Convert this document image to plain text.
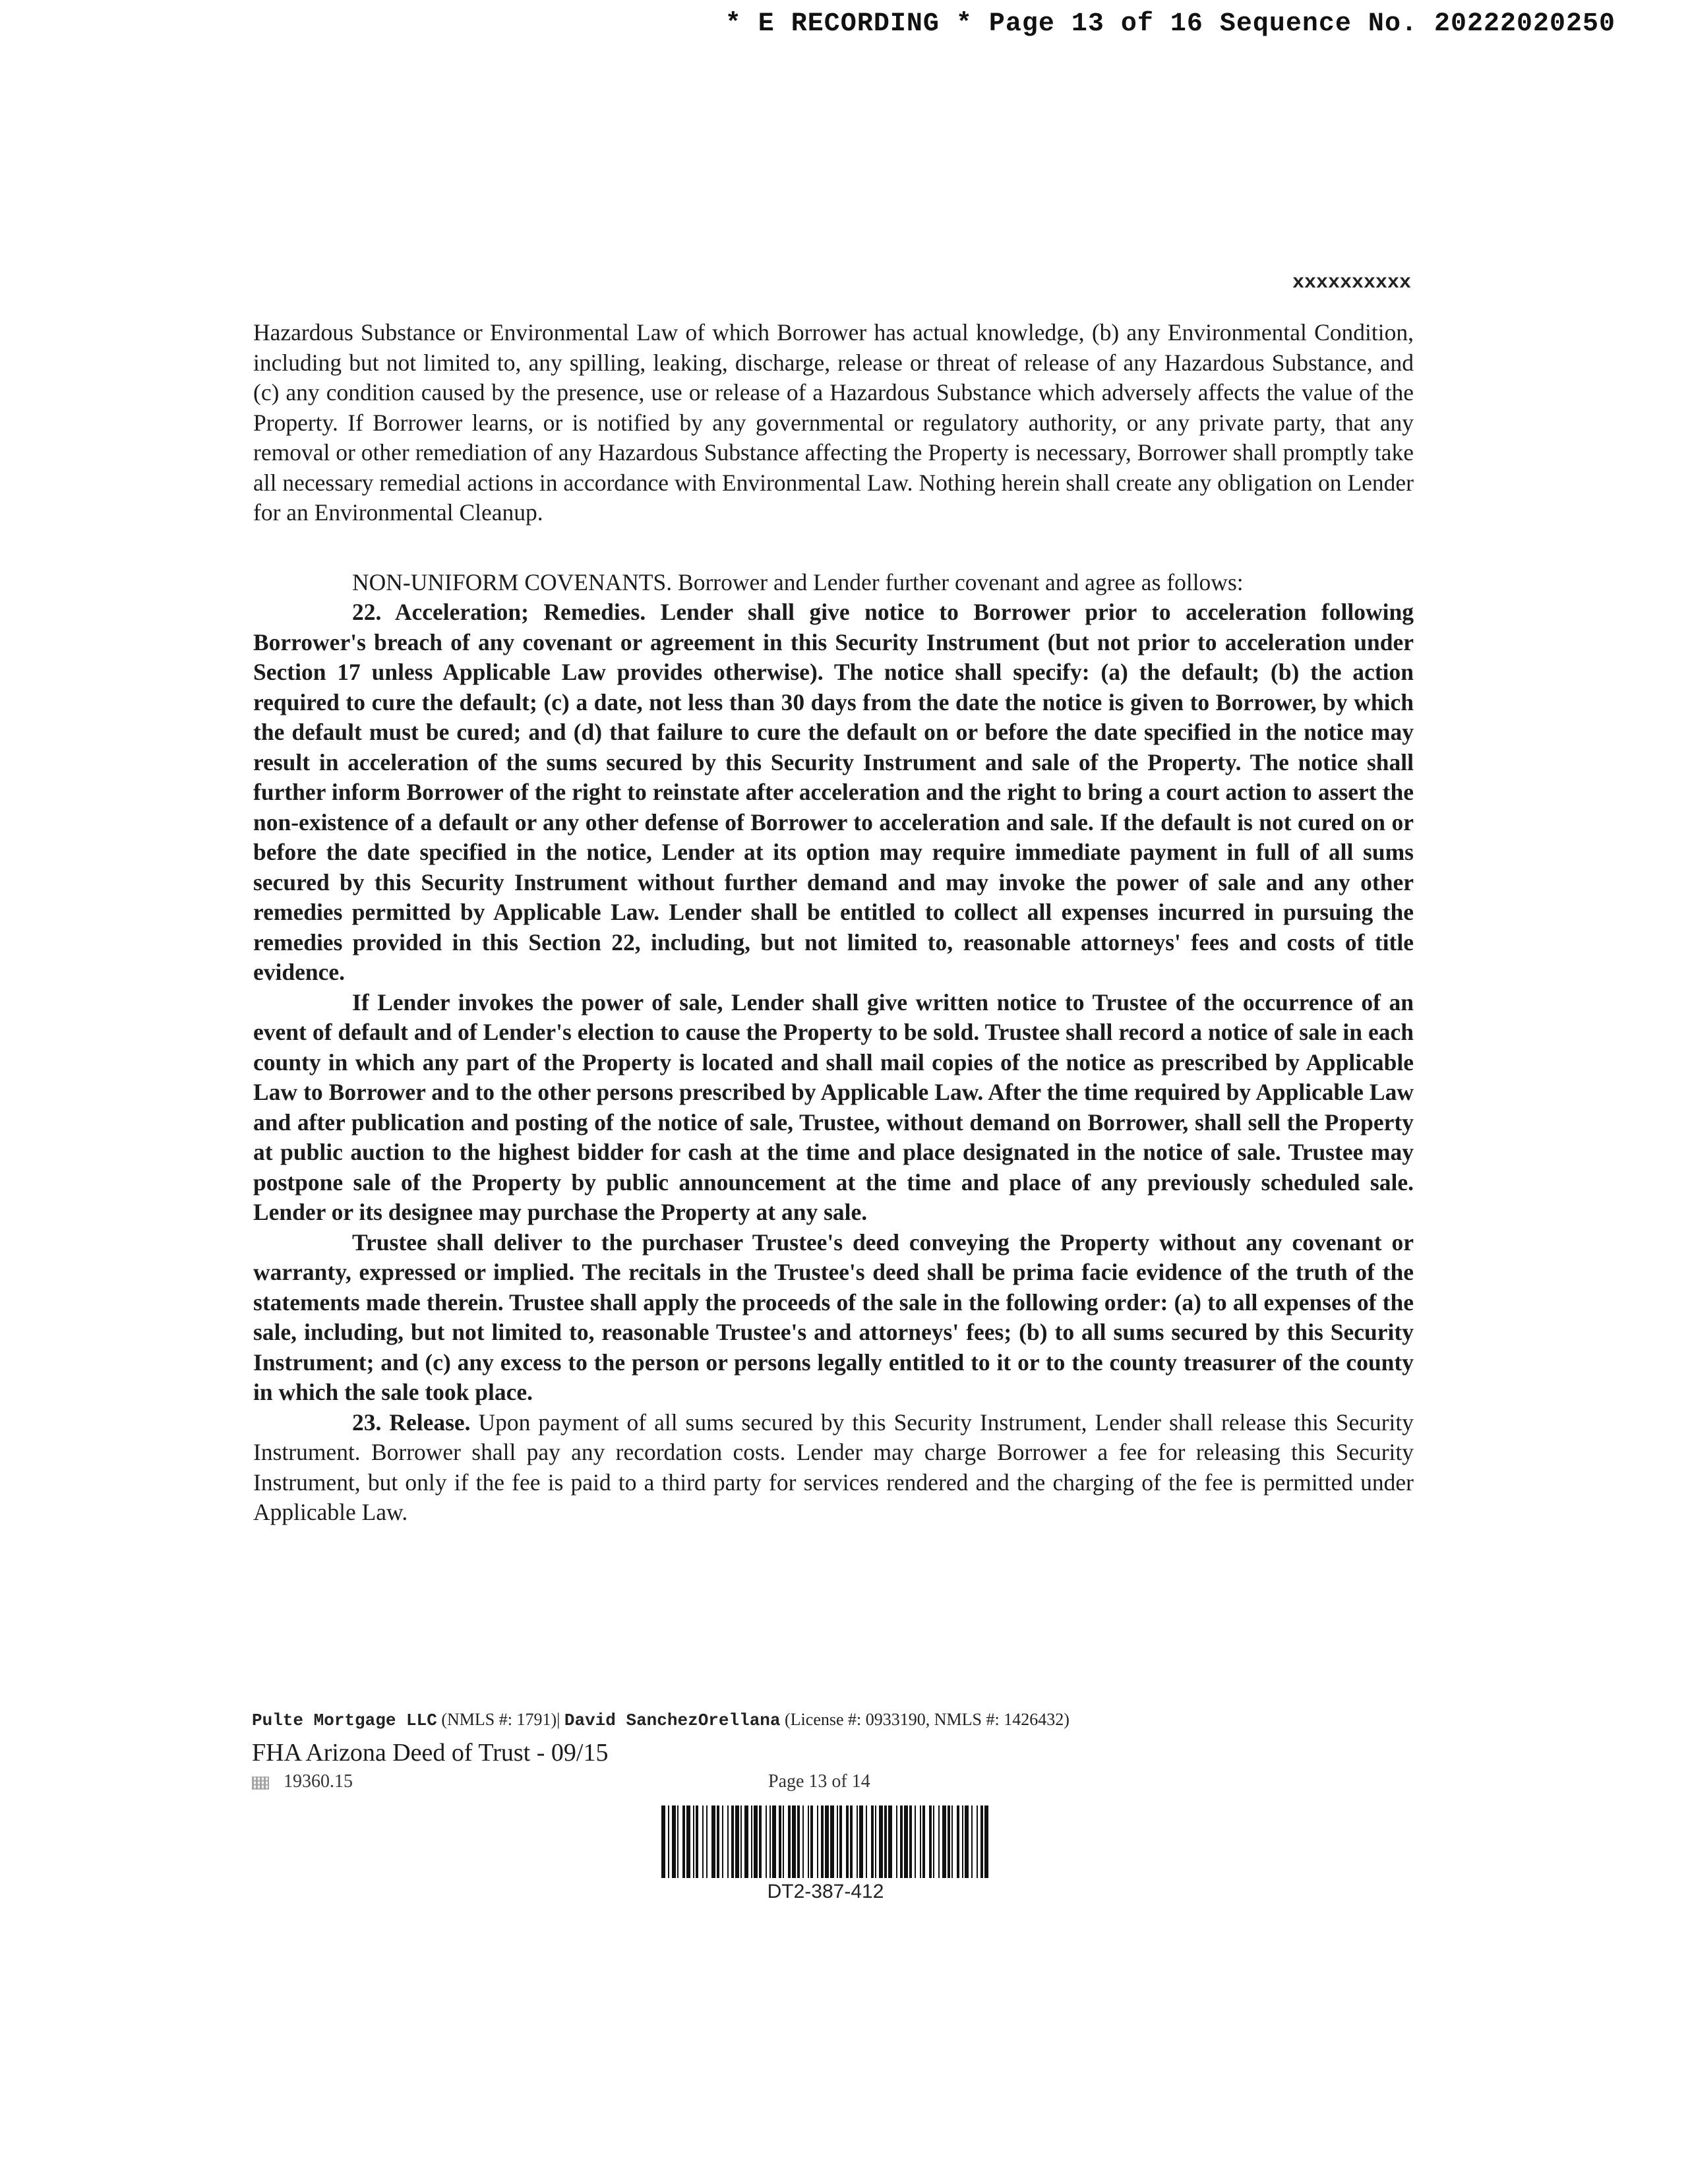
* E RECORDING * Page 13 of 16 Sequence No. 20222020250
xxxxxxxxxx

Hazardous Substance or Environmental Law of which Borrower has actual knowledge, (b) any Environmental Condition, including but not limited to, any spilling, leaking, discharge, release or threat of release of any Hazardous Substance, and (c) any condition caused by the presence, use or release of a Hazardous Substance which adversely affects the value of the Property. If Borrower learns, or is notified by any governmental or regulatory authority, or any private party, that any removal or other remediation of any Hazardous Substance affecting the Property is necessary, Borrower shall promptly take all necessary remedial actions in accordance with Environmental Law. Nothing herein shall create any obligation on Lender for an Environmental Cleanup.

NON-UNIFORM COVENANTS. Borrower and Lender further covenant and agree as follows:

22. Acceleration; Remedies. Lender shall give notice to Borrower prior to acceleration following Borrower's breach of any covenant or agreement in this Security Instrument (but not prior to acceleration under Section 17 unless Applicable Law provides otherwise). The notice shall specify: (a) the default; (b) the action required to cure the default; (c) a date, not less than 30 days from the date the notice is given to Borrower, by which the default must be cured; and (d) that failure to cure the default on or before the date specified in the notice may result in acceleration of the sums secured by this Security Instrument and sale of the Property. The notice shall further inform Borrower of the right to reinstate after acceleration and the right to bring a court action to assert the non-existence of a default or any other defense of Borrower to acceleration and sale. If the default is not cured on or before the date specified in the notice, Lender at its option may require immediate payment in full of all sums secured by this Security Instrument without further demand and may invoke the power of sale and any other remedies permitted by Applicable Law. Lender shall be entitled to collect all expenses incurred in pursuing the remedies provided in this Section 22, including, but not limited to, reasonable attorneys' fees and costs of title evidence.

If Lender invokes the power of sale, Lender shall give written notice to Trustee of the occurrence of an event of default and of Lender's election to cause the Property to be sold. Trustee shall record a notice of sale in each county in which any part of the Property is located and shall mail copies of the notice as prescribed by Applicable Law to Borrower and to the other persons prescribed by Applicable Law. After the time required by Applicable Law and after publication and posting of the notice of sale, Trustee, without demand on Borrower, shall sell the Property at public auction to the highest bidder for cash at the time and place designated in the notice of sale. Trustee may postpone sale of the Property by public announcement at the time and place of any previously scheduled sale. Lender or its designee may purchase the Property at any sale.

Trustee shall deliver to the purchaser Trustee's deed conveying the Property without any covenant or warranty, expressed or implied. The recitals in the Trustee's deed shall be prima facie evidence of the truth of the statements made therein. Trustee shall apply the proceeds of the sale in the following order: (a) to all expenses of the sale, including, but not limited to, reasonable Trustee's and attorneys' fees; (b) to all sums secured by this Security Instrument; and (c) any excess to the person or persons legally entitled to it or to the county treasurer of the county in which the sale took place.

23. Release. Upon payment of all sums secured by this Security Instrument, Lender shall release this Security Instrument. Borrower shall pay any recordation costs. Lender may charge Borrower a fee for releasing this Security Instrument, but only if the fee is paid to a third party for services rendered and the charging of the fee is permitted under Applicable Law.

Pulte Mortgage LLC (NMLS #: 1791)| David SanchezOrellana (License #: 0933190, NMLS #: 1426432)
FHA Arizona Deed of Trust - 09/15
19360.15	Page 13 of 14
DT2-387-412
